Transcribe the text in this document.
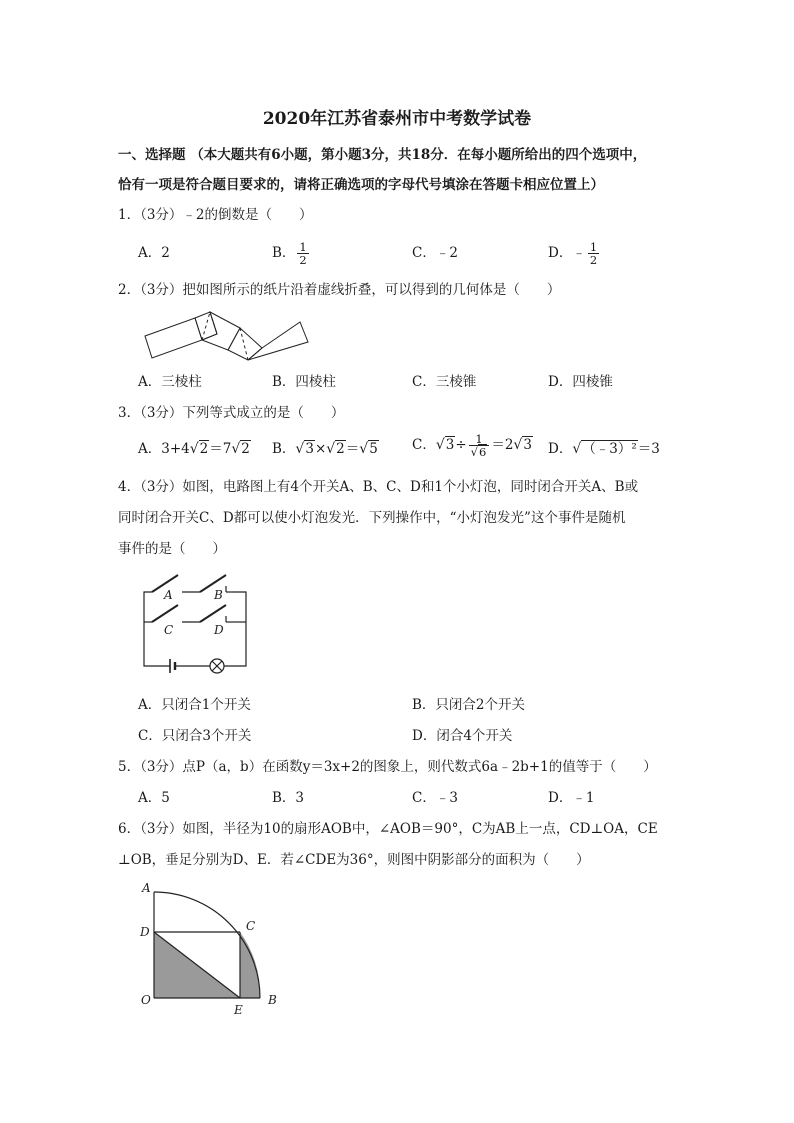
2020年江苏省泰州市中考数学试卷
一、选择题 （本大题共有6小题，第小题3分，共18分．在每小题所给出的四个选项中，
恰有一项是符合题目要求的，请将正确选项的字母代号填涂在答题卡相应位置上）
1．（3分）﹣2的倒数是（　　）
A．2	B． $\frac{1}{2}$	C．﹣2	D．﹣ $\frac{1}{2}$
2．（3分）把如图所示的纸片沿着虚线折叠，可以得到的几何体是（　　）
A．三棱柱	B．四棱柱	C．三棱锥	D．四棱锥
3．（3分）下列等式成立的是（　　）
A．3+4√2＝7√2 B．√3×√2＝√5	C．$√3\div \frac{1}{√6} =2√3$ D．√（﹣3）²＝3
4．（3分）如图，电路图上有4个开关A、B、C、D和1个小灯泡，同时闭合开关A、B或
同时闭合开关C、D都可以使小灯泡发光．下列操作中，“小灯泡发光”这个事件是随机
事件的是（　　）
A	B
C	D
A．只闭合1个开关	B．只闭合2个开关
C．只闭合3个开关	D．闭合4个开关
5．（3分）点P（a，b）在函数y＝3x+2的图象上，则代数式6a﹣2b+1的值等于（　　）
A．5	B．3	C．﹣3	D．﹣1
6．（3分）如图，半径为10的扇形AOB中，∠AOB＝90°，C为AB上一点，CD⊥OA，CE
⊥OB，垂足分别为D、E．若∠CDE为36°，则图中阴影部分的面积为（　　）
A
C
D
O
E
B
